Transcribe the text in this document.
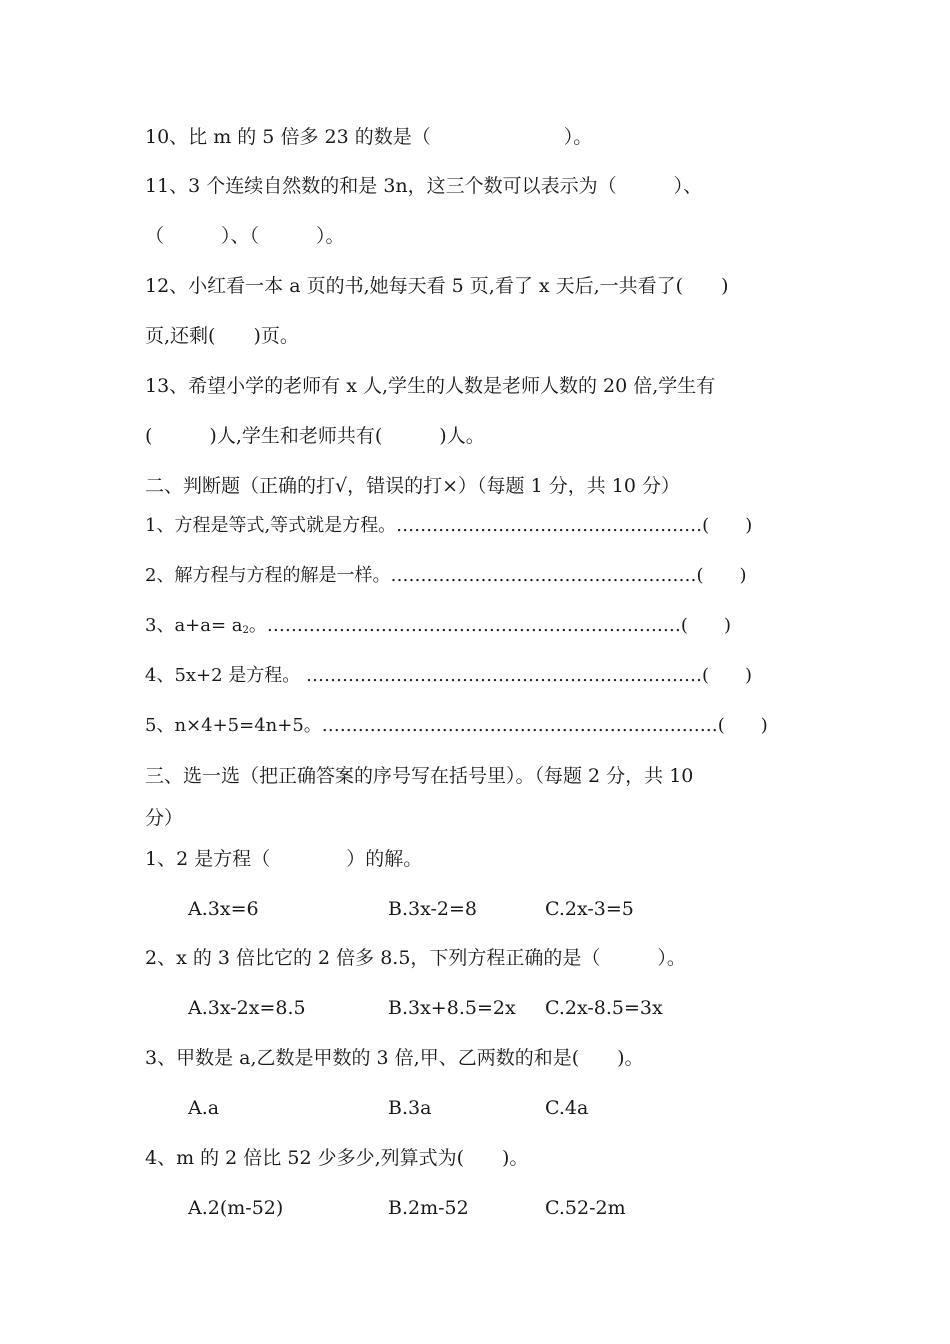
10、比 m 的 5 倍多 23 的数是（　　　　　　　）。
11、3 个连续自然数的和是 3n，这三个数可以表示为（　　　）、
（　　　）、（　　　）。
12、小红看一本 a 页的书,她每天看 5 页,看了 x 天后,一共看了(　　)
页,还剩(　　)页。
13、希望小学的老师有 x 人,学生的人数是老师人数的 20 倍,学生有
(　　　)人,学生和老师共有(　　　)人。
二、判断题（正确的打√，错误的打×）（每题 1 分，共 10 分）
1、方程是等式,等式就是方程。……………………………………………(　　)
2、解方程与方程的解是一样。……………………………………………(　　)
3、$a+a= a_2$。……………………………………………………………(　　)
4、5x+2 是方程。 …………………………………………………………(　　)
5、n×4+5=4n+5。…………………………………………………………(　　)
三、选一选（把正确答案的序号写在括号里）。（每题 2 分，共 10
分）
1、2 是方程（　　　　）的解。
A.3x=6	B.3x-2=8	C.2x-3=5
2、x 的 3 倍比它的 2 倍多 8.5，下列方程正确的是（　　　）。
A.3x-2x=8.5	B.3x+8.5=2x C.2x-8.5=3x
3、甲数是 a,乙数是甲数的 3 倍,甲、乙两数的和是(　　)。
A.a	B.3a	C.4a
4、m 的 2 倍比 52 少多少,列算式为(　　)。
A.2(m-52)	B.2m-52	C.52-2m
